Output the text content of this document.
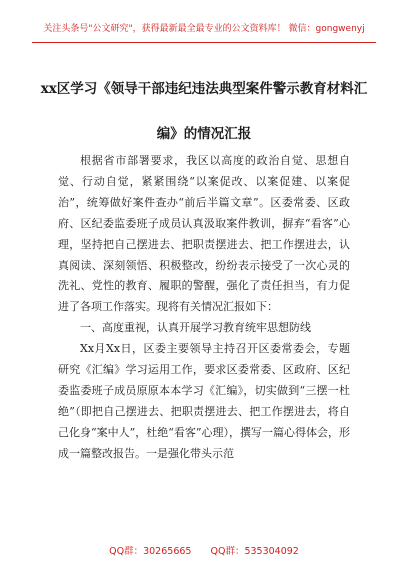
关注头条号"公文研究"，获得最新最全最专业的公文资料库！ 微信：gongwenyj
xx区学习《领导干部违纪违法典型案件警示教育材料汇
编》的情况汇报

根据省市部署要求，我区以高度的政治自觉、思想自觉、行动自觉，紧紧围绕“以案促改、以案促建、以案促治”，统筹做好案件查办“前后半篇文章”。区委常委、区政府、区纪委监委班子成员认真汲取案件教训，摒弃“看客”心理，坚持把自己摆进去、把职责摆进去、把工作摆进去，认真阅读、深刻领悟、积极整改，纷纷表示接受了一次心灵的洗礼、党性的教育、履职的警醒，强化了责任担当，有力促进了各项工作落实。现将有关情况汇报如下：

一、高度重视，认真开展学习教育统牢思想防线

Xx月Xx日，区委主要领导主持召开区委常委会，专题研究《汇编》学习运用工作，要求区委常委、区政府、区纪委监委班子成员原原本本学习《汇编》，切实做到“三摆一杜绝”（即把自己摆进去、把职责摆进去、把工作摆进去，将自己化身“案中人”，杜绝“看客”心理），撰写一篇心得体会，形成一篇整改报告。一是强化带头示范

QQ群：30265665 QQ群：535304092
